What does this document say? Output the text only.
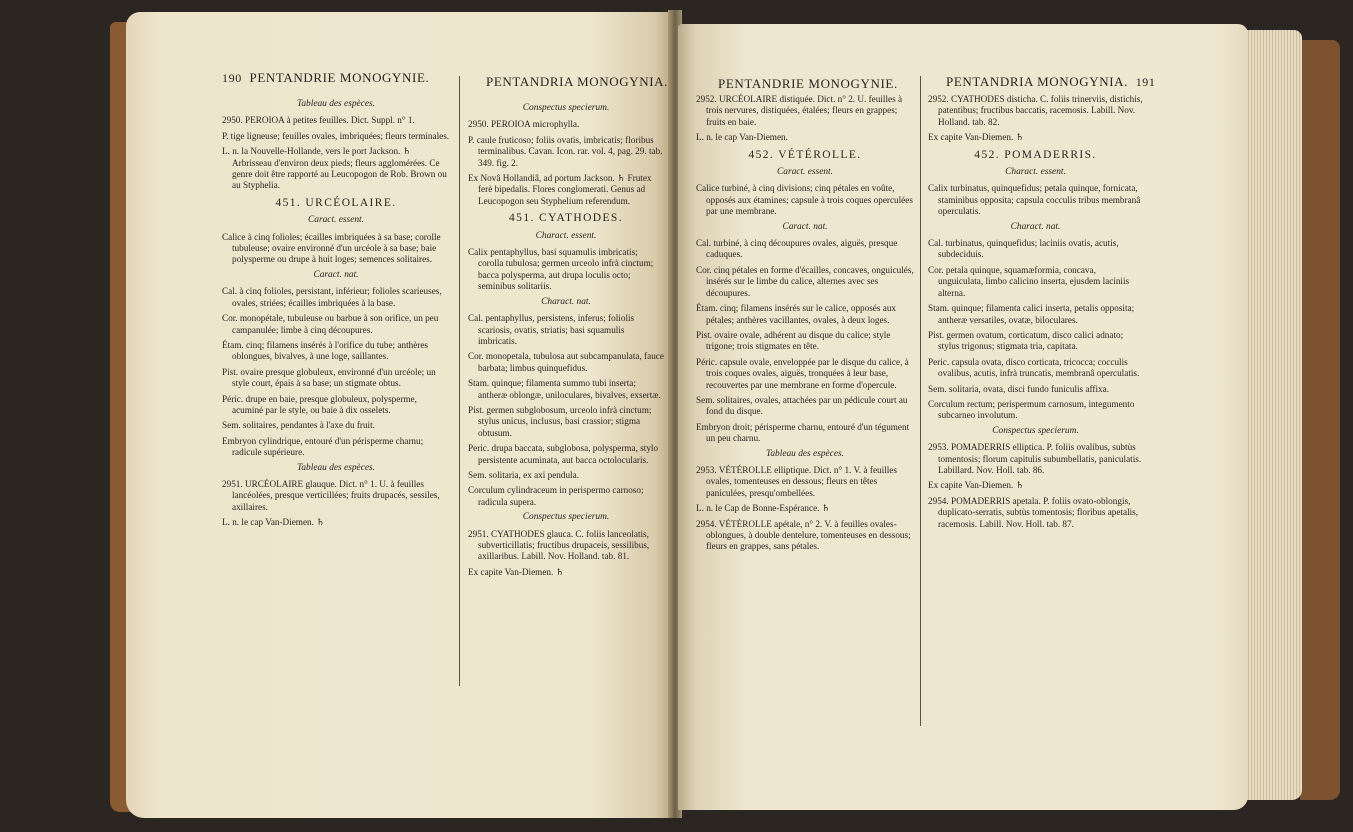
190 PENTANDRIE MONOGYNIE.	PENTANDRIA MONOGYNIA.

Tableau des espèces.

2950. PEROIOA à petites feuilles. Dict. Suppl. n° 1.

P. tige ligneuse; feuilles ovales, imbriquées; fleurs terminales.

L. n. la Nouvelle-Hollande, vers le port Jackson. ♄ Arbrisseau d'environ deux pieds; fleurs agglomérées. Ce genre doit être rapporté au Leucopogon de Rob. Brown ou au Styphelia.

451. URCÉOLAIRE.

Caract. essent.

Calice à cinq folioles; écailles imbriquées à sa base; corolle tubuleuse; ovaire environné d'un urcéole à sa base; baie polysperme ou drupe à huit loges; semences solitaires.

Caract. nat.

Cal. à cinq folioles, persistant, inférieur; folioles scarieuses, ovales, striées; écailles imbriquées à la base.

Cor. monopétale, tubuleuse ou barbue à son orifice, un peu campanulée; limbe à cinq découpures.

Étam. cinq; filamens insérés à l'orifice du tube; anthères oblongues, bivalves, à une loge, saillantes.

Pist. ovaire presque globuleux, environné d'un urcéole; un style court, épais à sa base; un stigmate obtus.

Péric. drupe en baie, presque globuleux, polysperme, acuminé par le style, ou baie à dix osselets.

Sem. solitaires, pendantes à l'axe du fruit.

Embryon cylindrique, entouré d'un périsperme charnu; radicule supérieure.

Tableau des espèces.

2951. URCÉOLAIRE glauque. Dict. n° 1. U. à feuilles lancéolées, presque verticillées; fruits drupacés, sessiles, axillaires.

L. n. le cap Van-Diemen. ♄

Conspectus specierum.

2950. PEROIOA microphylla.

P. caule fruticoso; foliis ovatis, imbricatis; floribus terminalibus. Cavan. Icon. rar. vol. 4, pag. 29. tab. 349. fig. 2.

Ex Novâ Hollandiâ, ad portum Jackson. ♄ Frutex ferè bipedalis. Flores conglomerati. Genus ad Leucopogon seu Styphelium referendum.

451. CYATHODES.

Charact. essent.

Calix pentaphyllus, basi squamulis imbricatis; corolla tubulosa; germen urceolo infrà cinctum; bacca polysperma, aut drupa loculis octo; seminibus solitariis.

Charact. nat.

Cal. pentaphyllus, persistens, inferus; foliolis scariosis, ovatis, striatis; basi squamulis imbricatis.

Cor. monopetala, tubulosa aut subcampanulata, fauce barbata; limbus quinquefidus.

Stam. quinque; filamenta summo tubi inserta; antheræ oblongæ, uniloculares, bivalves, exsertæ.

Pist. germen subglobosum, urceolo infrà cinctum; stylus unicus, inclusus, basi crassior; stigma obtusum.

Peric. drupa baccata, subglobosa, polysperma, stylo persistente acuminata, aut bacca octolocularis.

Sem. solitaria, ex axi pendula.

Corculum cylindraceum in perispermo carnoso; radicula supera.

Conspectus specierum.

2951. CYATHODES glauca. C. foliis lanceolatis, subverticillatis; fructibus drupaceis, sessilibus, axillaribus. Labill. Nov. Holland. tab. 81.

Ex capite Van-Diemen. ♄

PENTANDRIE MONOGYNIE.	PENTANDRIA MONOGYNIA. 191

2952. URCÉOLAIRE distiquée. Dict. n° 2. U. feuilles à trois nervures, distiquées, étalées; fleurs en grappes; fruits en baie.

L. n. le cap Van-Diemen.

452. VÉTÉROLLE.

Caract. essent.

Calice turbiné, à cinq divisions; cinq pétales en voûte, opposés aux étamines; capsule à trois coques operculées par une membrane.

Caract. nat.

Cal. turbiné, à cinq découpures ovales, aiguës, presque caduques.

Cor. cinq pétales en forme d'écailles, concaves, onguiculés, insérés sur le limbe du calice, alternes avec ses découpures.

Étam. cinq; filamens insérés sur le calice, opposés aux pétales; anthères vacillantes, ovales, à deux loges.

Pist. ovaire ovale, adhérent au disque du calice; style trigone; trois stigmates en tête.

Péric. capsule ovale, enveloppée par le disque du calice, à trois coques ovales, aiguës, tronquées à leur base, recouvertes par une membrane en forme d'opercule.

Sem. solitaires, ovales, attachées par un pédicule court au fond du disque.

Embryon droit; périsperme charnu, entouré d'un tégument un peu charnu.

Tableau des espèces.

2953. VÉTÉROLLE elliptique. Dict. n° 1. V. à feuilles ovales, tomenteuses en dessous; fleurs en têtes paniculées, presqu'ombellées.

L. n. le Cap de Bonne-Espérance. ♄

2954. VÉTÉROLLE apétale, n° 2. V. à feuilles ovales-oblongues, à double dentelure, tomenteuses en dessous; fleurs en grappes, sans pétales.

2952. CYATHODES disticha. C. foliis trinerviis, distichis, patentibus; fructibus baccatis, racemosis. Labill. Nov. Holland. tab. 82.

Ex capite Van-Diemen. ♄

452. POMADERRIS.

Charact. essent.

Calix turbinatus, quinquefidus; petala quinque, fornicata, staminibus opposita; capsula cocculis tribus membranâ operculatis.

Charact. nat.

Cal. turbinatus, quinquefidus; laciniis ovatis, acutis, subdeciduis.

Cor. petala quinque, squamæformia, concava, unguiculata, limbo calicino inserta, ejusdem laciniis alterna.

Stam. quinque; filamenta calici inserta, petalis opposita; antheræ versatiles, ovatæ, biloculares.

Pist. germen ovatum, corticatum, disco calici adnato; stylus trigonus; stigmata tria, capitata.

Peric. capsula ovata, disco corticata, tricocca; cocculis ovalibus, acutis, infrà truncatis, membranâ operculatis.

Sem. solitaria, ovata, disci fundo funiculis affixa.

Corculum rectum; perispermum carnosum, integumento subcarneo involutum.

Conspectus specierum.

2953. POMADERRIS elliptica. P. foliis ovalibus, subtùs tomentosis; florum capitulis subumbellatis, paniculatis. Labillard. Nov. Holl. tab. 86.

Ex capite Van-Diemen. ♄

2954. POMADERRIS apetala. P. foliis ovato-oblongis, duplicato-serratis, subtùs tomentosis; floribus apetalis, racemosis. Labill. Nov. Holl. tab. 87.
